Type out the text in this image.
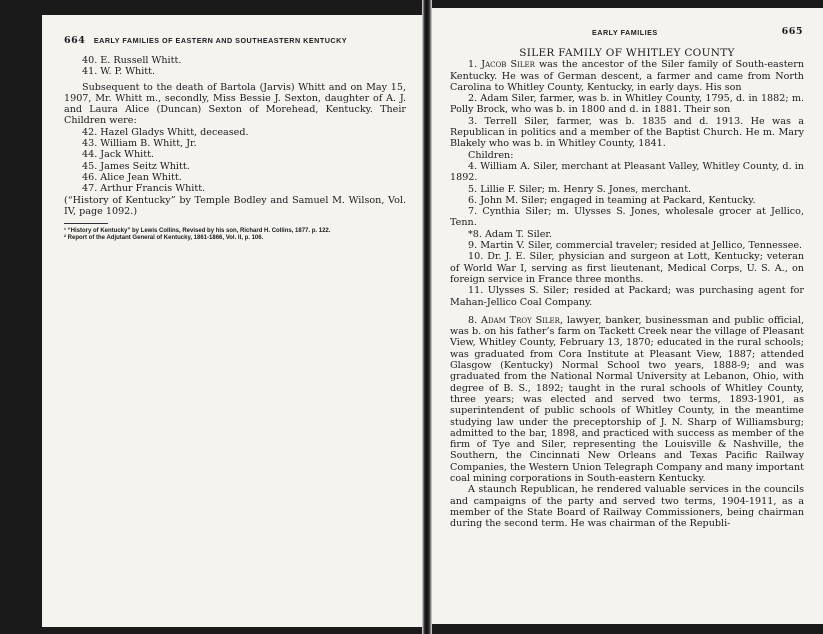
664 EARLY FAMILIES OF EASTERN AND SOUTHEASTERN KENTUCKY

40. E. Russell Whitt.

41. W. P. Whitt.

Subsequent to the death of Bartola (Jarvis) Whitt and on May 15, 1907, Mr. Whitt m., secondly, Miss Bessie J. Sexton, daughter of A. J. and Laura Alice (Duncan) Sexton of Morehead, Kentucky. Their Children were:

42. Hazel Gladys Whitt, deceased.

43. William B. Whitt, Jr.

44. Jack Whitt.

45. James Seitz Whitt.

46. Alice Jean Whitt.

47. Arthur Francis Whitt.

(“History of Kentucky” by Temple Bodley and Samuel M. Wilson, Vol. IV, page 1092.)

¹ “History of Kentucky” by Lewis Collins, Revised by his son, Richard H. Collins, 1877. p. 122.

² Report of the Adjutant General of Kentucky, 1861-1866, Vol. II, p. 106.

EARLY FAMILIES	665

SILER FAMILY OF WHITLEY COUNTY

1. Jacob Siler was the ancestor of the Siler family of South-eastern Kentucky. He was of German descent, a farmer and came from North Carolina to Whitley County, Kentucky, in early days. His son

2. Adam Siler, farmer, was b. in Whitley County, 1795, d. in 1882; m. Polly Brock, who was b. in 1800 and d. in 1881. Their son

3. Terrell Siler, farmer, was b. 1835 and d. 1913. He was a Republican in politics and a member of the Baptist Church. He m. Mary Blakely who was b. in Whitley County, 1841.

Children:

4. William A. Siler, merchant at Pleasant Valley, Whitley County, d. in 1892.

5. Lillie F. Siler; m. Henry S. Jones, merchant.

6. John M. Siler; engaged in teaming at Packard, Kentucky.

7. Cynthia Siler; m. Ulysses S. Jones, wholesale grocer at Jellico, Tenn.

*8. Adam T. Siler.

9. Martin V. Siler, commercial traveler; resided at Jellico, Tennessee.

10. Dr. J. E. Siler, physician and surgeon at Lott, Kentucky; veteran of World War I, serving as first lieutenant, Medical Corps, U. S. A., on foreign service in France three months.

11. Ulysses S. Siler; resided at Packard; was purchasing agent for Mahan-Jellico Coal Company.

8. Adam Troy Siler, lawyer, banker, businessman and public official, was b. on his father’s farm on Tackett Creek near the village of Pleasant View, Whitley County, February 13, 1870; educated in the rural schools; was graduated from Cora Institute at Pleasant View, 1887; attended Glasgow (Kentucky) Normal School two years, 1888-9; and was graduated from the National Normal University at Lebanon, Ohio, with degree of B. S., 1892; taught in the rural schools of Whitley County, three years; was elected and served two terms, 1893-1901, as superintendent of public schools of Whitley County, in the meantime studying law under the preceptorship of J. N. Sharp of Williamsburg; admitted to the bar, 1898, and practiced with success as member of the firm of Tye and Siler, representing the Louisville & Nashville, the Southern, the Cincinnati New Orleans and Texas Pacific Railway Companies, the Western Union Telegraph Company and many important coal mining corporations in South-eastern Kentucky.

A staunch Republican, he rendered valuable services in the councils and campaigns of the party and served two terms, 1904-1911, as a member of the State Board of Railway Commissioners, being chairman during the second term. He was chairman of the Republi-
